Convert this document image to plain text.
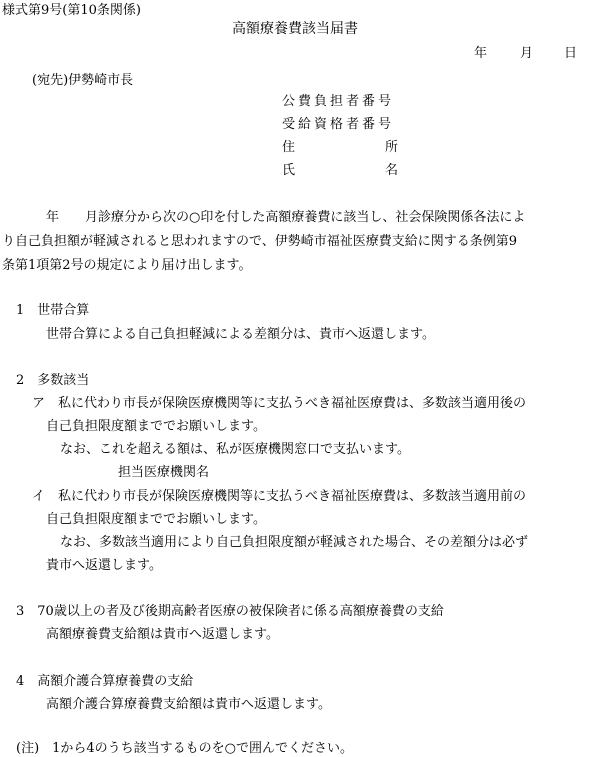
様式第9号(第10条関係)
高額療養費該当届書
年	月 日
(宛先)伊勢崎市長
公費負担者番号
受給資格者番号
住所
氏名
年　　月診療分から次の○印を付した高額療養費に該当し、社会保険関係各法によ
り自己負担額が軽減されると思われますので、伊勢崎市福祉医療費支給に関する条例第9
条第1項第2号の規定により届け出します。
1　世帯合算
世帯合算による自己負担軽減による差額分は、貴市へ返還します。
2　多数該当
ア　私に代わり市長が保険医療機関等に支払うべき福祉医療費は、多数該当適用後の
自己負担限度額まででお願いします。
なお、これを超える額は、私が医療機関窓口で支払います。
担当医療機関名
イ　私に代わり市長が保険医療機関等に支払うべき福祉医療費は、多数該当適用前の
自己負担限度額まででお願いします。
なお、多数該当適用により自己負担限度額が軽減された場合、その差額分は必ず
貴市へ返還します。
3　70歳以上の者及び後期高齢者医療の被保険者に係る高額療養費の支給
高額療養費支給額は貴市へ返還します。
4　高額介護合算療養費の支給
高額介護合算療養費支給額は貴市へ返還します。
(注)　1から4のうち該当するものを○で囲んでください。
